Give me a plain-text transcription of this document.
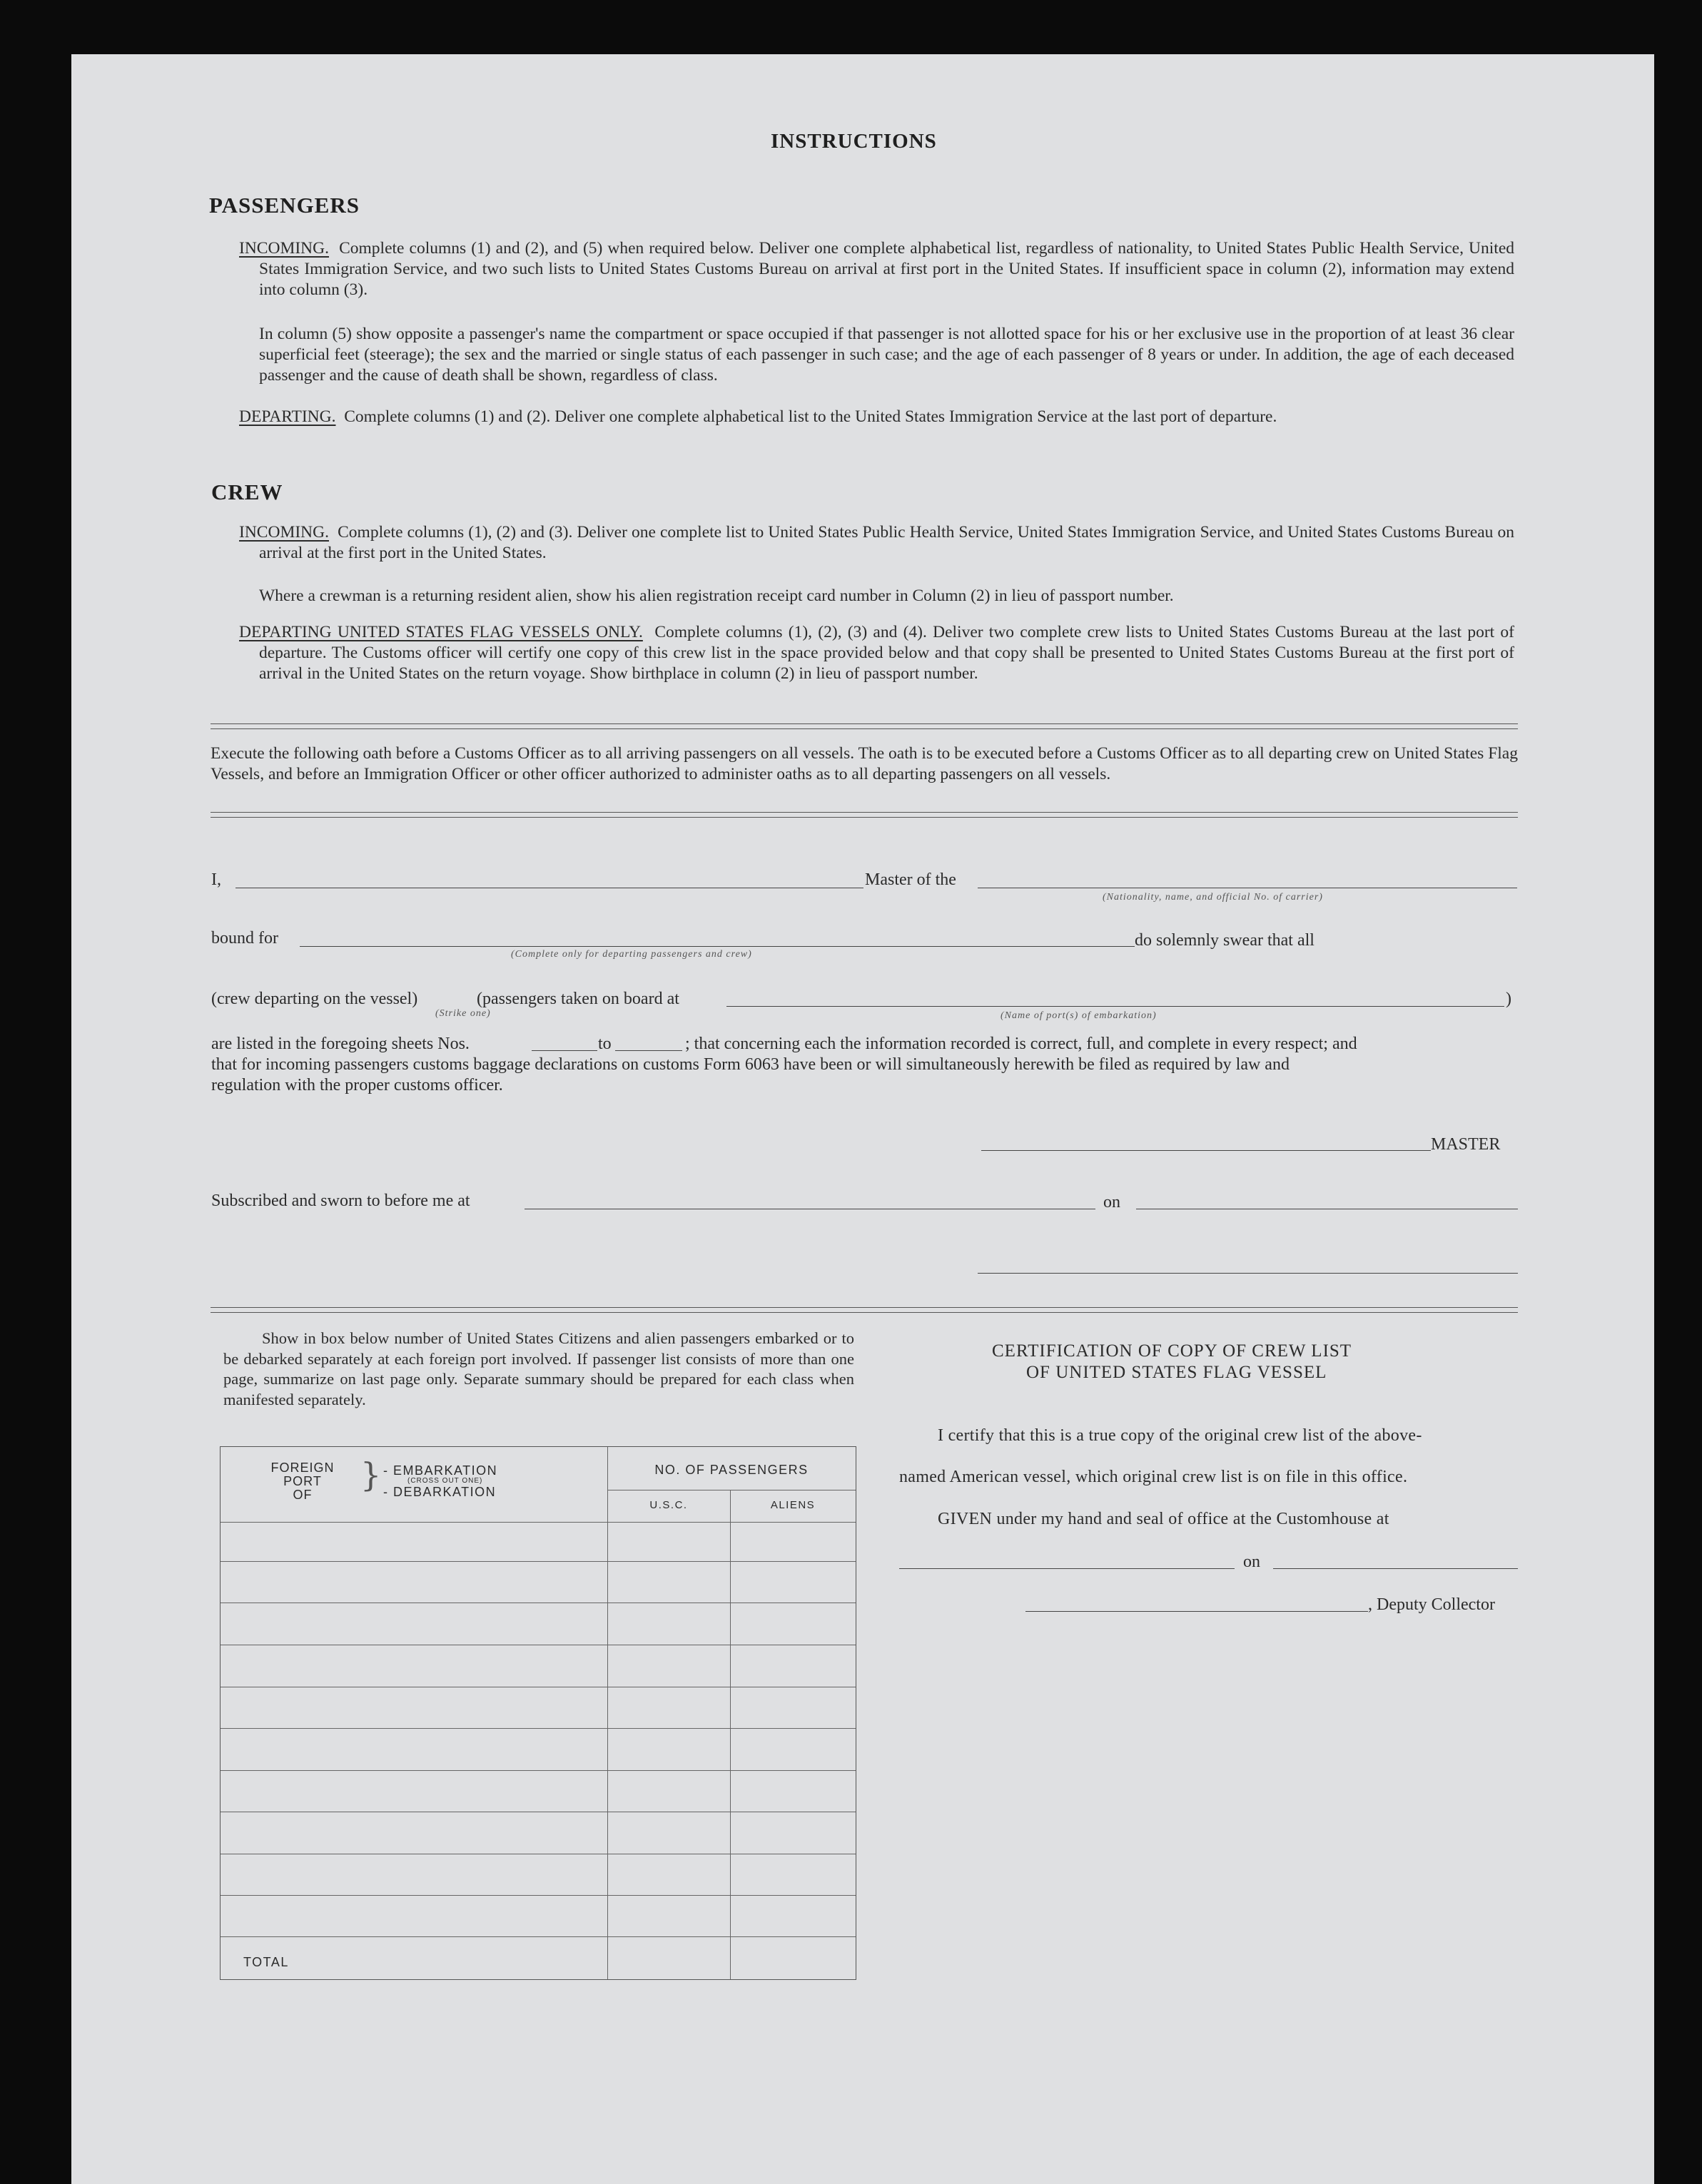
INSTRUCTIONS
PASSENGERS

INCOMING. Complete columns (1) and (2), and (5) when required below. Deliver one complete alphabetical list, regardless of nationality, to United States Public Health Service, United States Immigration Service, and two such lists to United States Customs Bureau on arrival at first port in the United States. If insufficient space in column (2), information may extend into column (3).

In column (5) show opposite a passenger's name the compartment or space occupied if that passenger is not allotted space for his or her exclusive use in the proportion of at least 36 clear superficial feet (steerage); the sex and the married or single status of each passenger in such case; and the age of each passenger of 8 years or under. In addition, the age of each deceased passenger and the cause of death shall be shown, regardless of class.

DEPARTING. Complete columns (1) and (2). Deliver one complete alphabetical list to the United States Immigration Service at the last port of departure.

CREW

INCOMING. Complete columns (1), (2) and (3). Deliver one complete list to United States Public Health Service, United States Immigration Service, and United States Customs Bureau on arrival at the first port in the United States.

Where a crewman is a returning resident alien, show his alien registration receipt card number in Column (2) in lieu of passport number.

DEPARTING UNITED STATES FLAG VESSELS ONLY. Complete columns (1), (2), (3) and (4). Deliver two complete crew lists to United States Customs Bureau at the last port of departure. The Customs officer will certify one copy of this crew list in the space provided below and that copy shall be presented to United States Customs Bureau at the first port of arrival in the United States on the return voyage. Show birthplace in column (2) in lieu of passport number.

Execute the following oath before a Customs Officer as to all arriving passengers on all vessels. The oath is to be executed before a Customs Officer as to all departing crew on United States Flag Vessels, and before an Immigration Officer or other officer authorized to administer oaths as to all departing passengers on all vessels.
I,	Master of the
(Nationality, name, and official No. of carrier)
bound for
(Complete only for departing passengers and crew)
do solemnly swear that all
(crew departing on the vessel)
(Strike one)
(passengers taken on board at	)
(Name of port(s) of embarkation)
are listed in the foregoing sheets Nos.	to	; that concerning each the information recorded is correct, full, and complete in every respect; and
that for incoming passengers customs baggage declarations on customs Form 6063 have been or will simultaneously herewith be filed as required by law and
regulation with the proper customs officer.
MASTER
Subscribed and sworn to before me at	on

Show in box below number of United States Citizens and alien passengers embarked or to be debarked separately at each foreign port involved. If passenger list consists of more than one page, summarize on last page only. Separate summary should be prepared for each class when manifested separately.

FOREIGN
PORT
OF
} - EMBARKATION
(CROSS OUT ONE)
- DEBARKATION
NO. OF PASSENGERS
U.S.C.	ALIENS
TOTAL
CERTIFICATION OF COPY OF CREW LIST
OF UNITED STATES FLAG VESSEL
I certify that this is a true copy of the original crew list of the above-
named American vessel, which original crew list is on file in this office.
GIVEN under my hand and seal of office at the Customhouse at
on
, Deputy Collector
